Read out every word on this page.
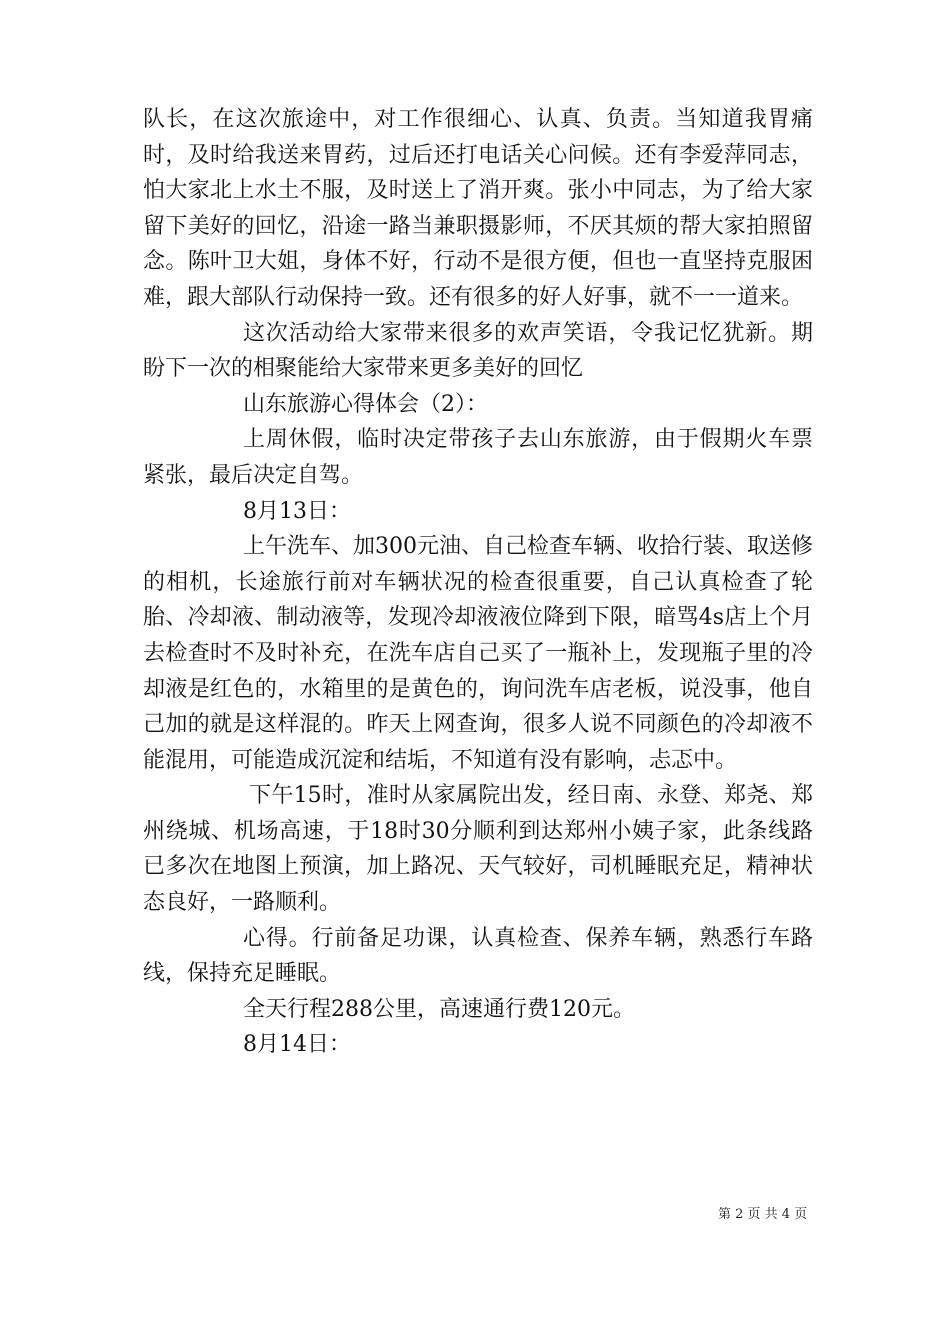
队长，在这次旅途中，对工作很细心、认真、负责。当知道我胃痛时，及时给我送来胃药，过后还打电话关心问候。还有李爱萍同志，怕大家北上水土不服，及时送上了消开爽。张小中同志，为了给大家留下美好的回忆，沿途一路当兼职摄影师，不厌其烦的帮大家拍照留念。陈叶卫大姐，身体不好，行动不是很方便，但也一直坚持克服困难，跟大部队行动保持一致。还有很多的好人好事，就不一一道来。

这次活动给大家带来很多的欢声笑语，令我记忆犹新。期盼下一次的相聚能给大家带来更多美好的回忆

山东旅游心得体会（2）：

上周休假，临时决定带孩子去山东旅游，由于假期火车票紧张，最后决定自驾。

8月13日：

上午洗车、加300元油、自己检查车辆、收拾行装、取送修的相机，长途旅行前对车辆状况的检查很重要，自己认真检查了轮胎、冷却液、制动液等，发现冷却液液位降到下限，暗骂4s店上个月去检查时不及时补充，在洗车店自己买了一瓶补上，发现瓶子里的冷却液是红色的，水箱里的是黄色的，询问洗车店老板，说没事，他自己加的就是这样混的。昨天上网查询，很多人说不同颜色的冷却液不能混用，可能造成沉淀和结垢，不知道有没有影响，忐忑中。

下午15时，准时从家属院出发，经日南、永登、郑尧、郑州绕城、机场高速，于18时30分顺利到达郑州小姨子家，此条线路已多次在地图上预演，加上路况、天气较好，司机睡眠充足，精神状态良好，一路顺利。

心得。行前备足功课，认真检查、保养车辆，熟悉行车路线，保持充足睡眠。

全天行程288公里，高速通行费120元。

8月14日：

第 2 页 共 4 页
